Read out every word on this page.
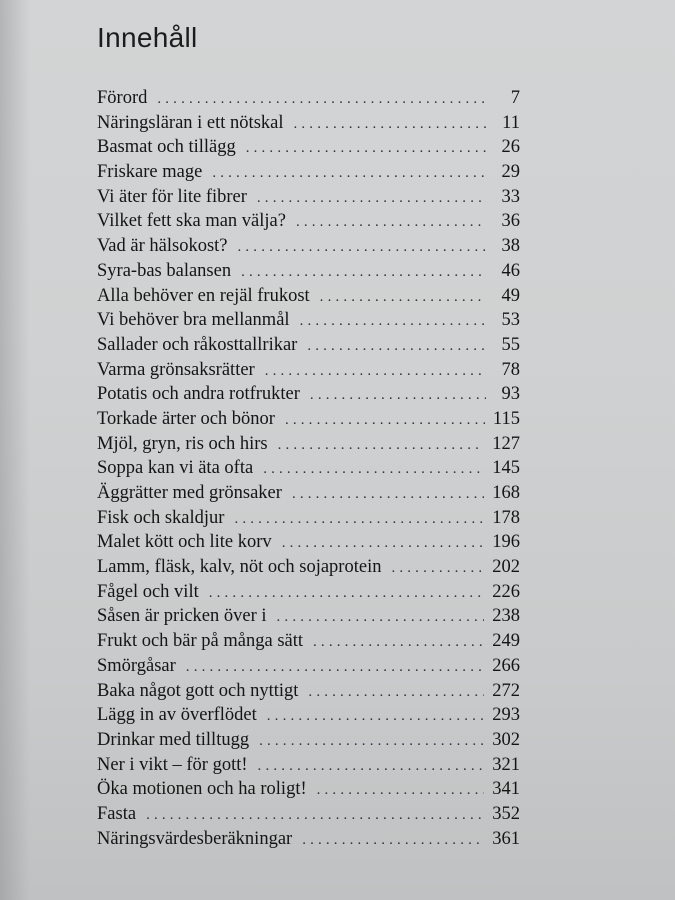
Innehåll
Förord . . .	7
Näringsläran i ett nötskal . . .	11
Basmat och tillägg . . .	26
Friskare mage . . .	29
Vi äter för lite fibrer . . .	33
Vilket fett ska man välja? . . .	36
Vad är hälsokost? . . .	38
Syra-bas balansen . . .	46
Alla behöver en rejäl frukost . . .	49
Vi behöver bra mellanmål . . .	53
Sallader och råkosttallrikar . . .	55
Varma grönsaksrätter . . .	78
Potatis och andra rotfrukter . . .	93
Torkade ärter och bönor . . .	115
Mjöl, gryn, ris och hirs . . .	127
Soppa kan vi äta ofta . . .	145
Äggrätter med grönsaker . . .	168
Fisk och skaldjur . . .	178
Malet kött och lite korv . . .	196
Lamm, fläsk, kalv, nöt och sojaprotein . . .	202
Fågel och vilt . . .	226
Såsen är pricken över i . . .	238
Frukt och bär på många sätt . . .	249
Smörgåsar . . .	266
Baka något gott och nyttigt . . .	272
Lägg in av överflödet . . .	293
Drinkar med tilltugg . . .	302
Ner i vikt – för gott! . . .	321
Öka motionen och ha roligt! . . .	341
Fasta . . .	352
Näringsvärdesberäkningar . . .	361
